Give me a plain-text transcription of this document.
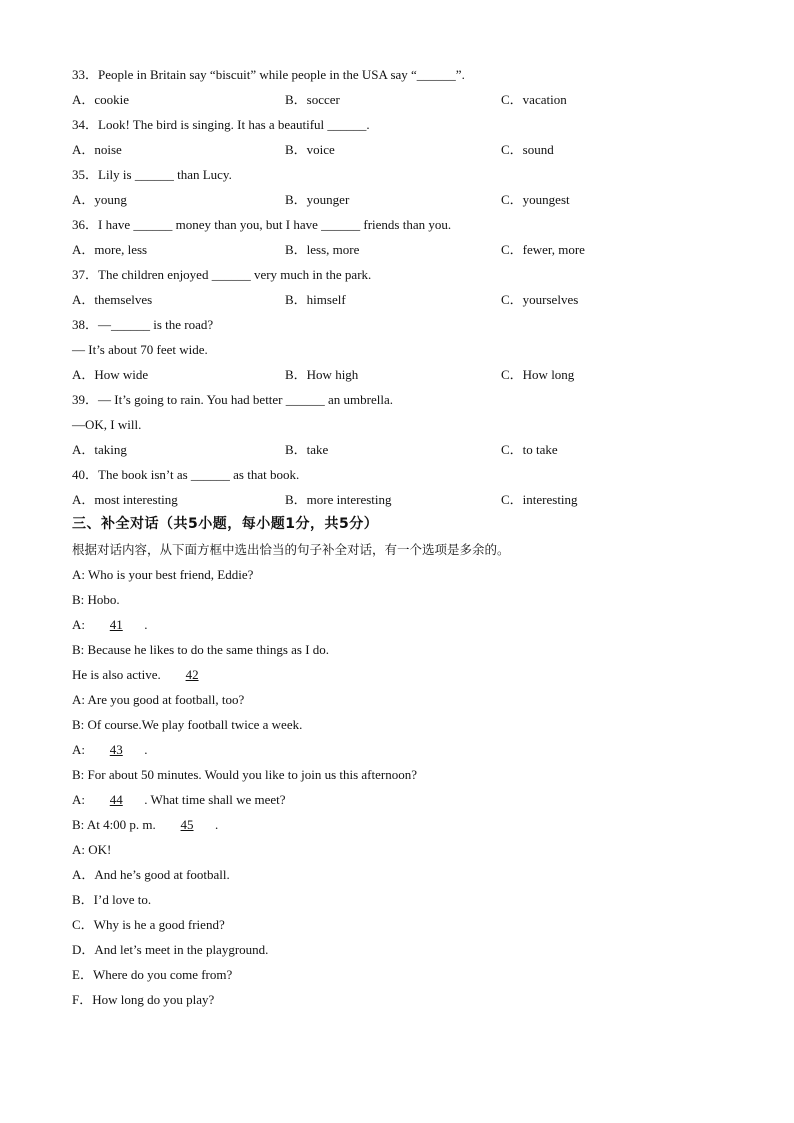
33．People in Britain say “biscuit” while people in the USA say “______”.
A．cookie	B．soccer	C．vacation
34．Look! The bird is singing. It has a beautiful ______.
A．noise	B．voice	C．sound
35．Lily is ______ than Lucy.
A．young	B．younger	C．youngest
36．I have ______ money than you, but I have ______ friends than you.
A．more, less	B．less, more	C．fewer, more
37．The children enjoyed ______ very much in the park.
A．themselves	B．himself	C．yourselves
38．—______ is the road?
— It’s about 70 feet wide.
A．How wide	B．How high	C．How long
39．— It’s going to rain. You had better ______ an umbrella.
—OK, I will.
A．taking	B．take	C．to take
40．The book isn’t as ______ as that book.
A．most interesting	B．more interesting	C．interesting
三、补全对话（共5小题，每小题1分，共5分）
根据对话内容，从下面方框中选出恰当的句子补全对话，有一个选项是多余的。
A: Who is your best friend, Eddie?
B: Hobo.
A: 41 .
B: Because he likes to do the same things as I do.
He is also active. 42
A: Are you good at football, too?
B: Of course.We play football twice a week.
A: 43 .
B: For about 50 minutes. Would you like to join us this afternoon?
A: 44 . What time shall we meet?
B: At 4:00 p. m. 45 .
A: OK!
A．And he’s good at football.
B．I’d love to.
C．Why is he a good friend?
D．And let’s meet in the playground.
E．Where do you come from?
F．How long do you play?
